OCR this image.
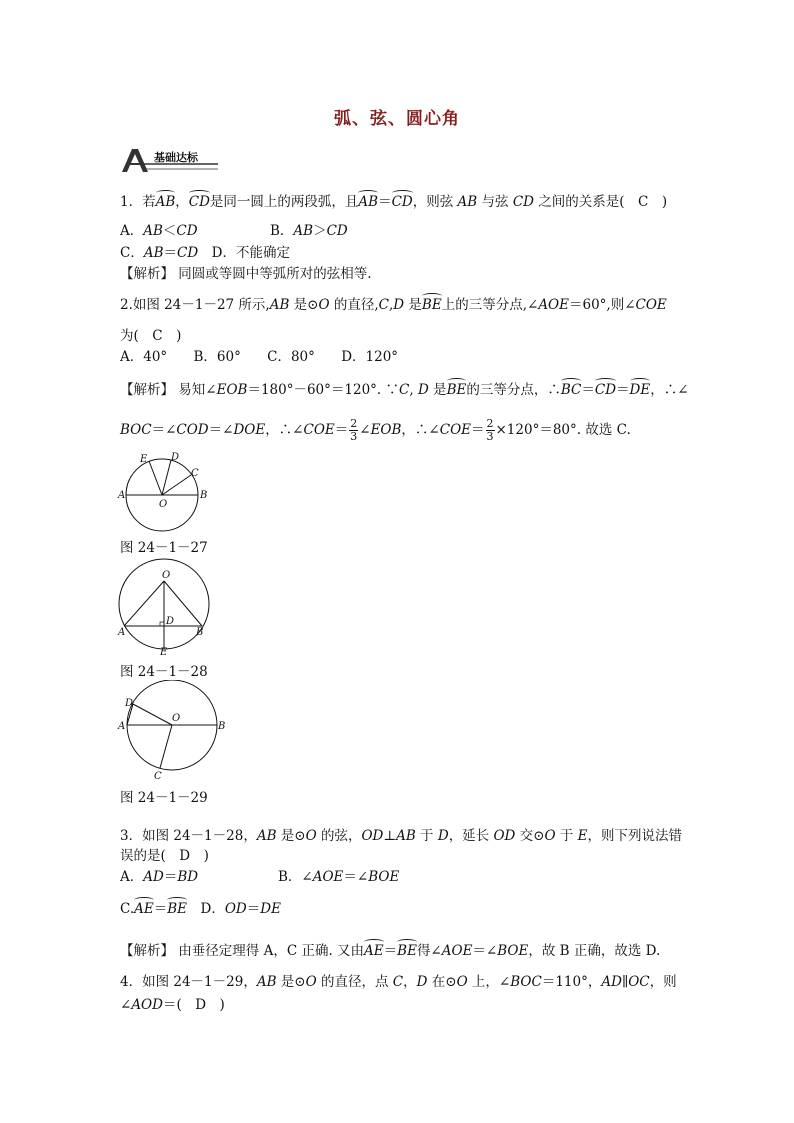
弧、弦、圆心角
基础达标
1．若AB，CD是同一圆上的两段弧，且AB＝CD，则弦 AB 与弦 CD 之间的关系是(　C　)
A．AB＜CD	B．AB＞CD
C．AB＝CD　D．不能确定
【解析】 同圆或等圆中等弧所对的弦相等.
2.如图 24－1－27 所示,AB 是⊙O 的直径,C,D 是BE上的三等分点,∠AOE＝60°,则∠COE
为(　C　)
A．40° B．60° C．80° D．120°
【解析】 易知∠EOB＝180°－60°＝120°. ∵C, D 是BE的三等分点，∴BC＝CD＝DE，∴∠
BOC＝∠COD＝∠DOE，∴∠COE＝ $\frac{2}{3}$ ∠EOB，∴∠COE＝ $\frac{2}{3} \times 120^\circ=80^\circ$. 故选 C.
A	B
C
D
E
O
图 24－1－27
O
A	B
D
E
图 24－1－28
D
A
O
B
C
图 24－1－29
3．如图 24－1－28，AB 是⊙O 的弦，OD⊥AB 于 D，延长 OD 交⊙O 于 E，则下列说法错
误的是(　D　)
A．AD＝BD	B．∠AOE＝∠BOE
C.AE＝BE　D．OD＝DE
【解析】 由垂径定理得 A，C 正确. 又由AE＝BE得∠AOE＝∠BOE，故 B 正确，故选 D.
4．如图 24－1－29，AB 是⊙O 的直径，点 C，D 在⊙O 上，∠BOC＝110°，AD∥OC，则
∠AOD＝(　D　)
